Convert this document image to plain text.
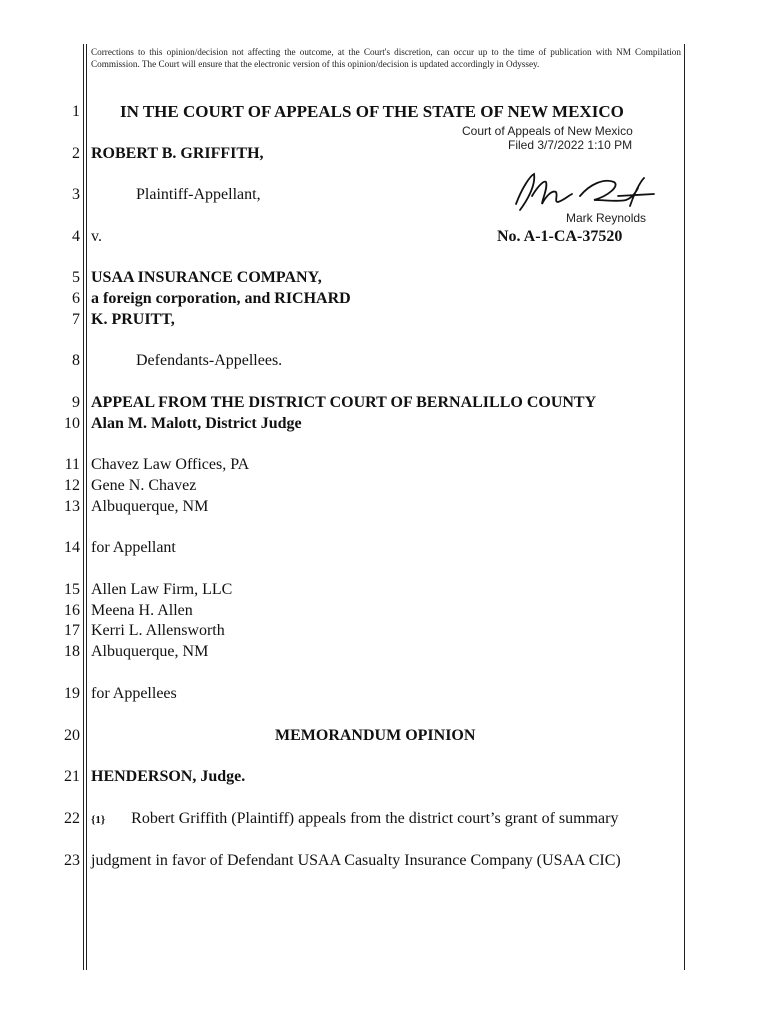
Corrections to this opinion/decision not affecting the outcome, at the Court's discretion, can occur up to the time of publication with NM Compilation Commission. The Court will ensure that the electronic version of this opinion/decision is updated accordingly in Odyssey.
1
2
3
4
5
6
7
8
9
10
11
12
13
14
15
16
17
18
19
20
21
22
23
IN THE COURT OF APPEALS OF THE STATE OF NEW MEXICO
Court of Appeals of New Mexico
Filed 3/7/2022 1:10 PM
ROBERT B. GRIFFITH,
Plaintiff-Appellant,
Mark Reynolds
v.	No. A-1-CA-37520
USAA INSURANCE COMPANY,
a foreign corporation, and RICHARD
K. PRUITT,
Defendants-Appellees.
APPEAL FROM THE DISTRICT COURT OF BERNALILLO COUNTY
Alan M. Malott, District Judge
Chavez Law Offices, PA
Gene N. Chavez
Albuquerque, NM
for Appellant
Allen Law Firm, LLC
Meena H. Allen
Kerri L. Allensworth
Albuquerque, NM
for Appellees
MEMORANDUM OPINION
HENDERSON, Judge.
{1} Robert Griffith (Plaintiff) appeals from the district court’s grant of summary
judgment in favor of Defendant USAA Casualty Insurance Company (USAA CIC)
